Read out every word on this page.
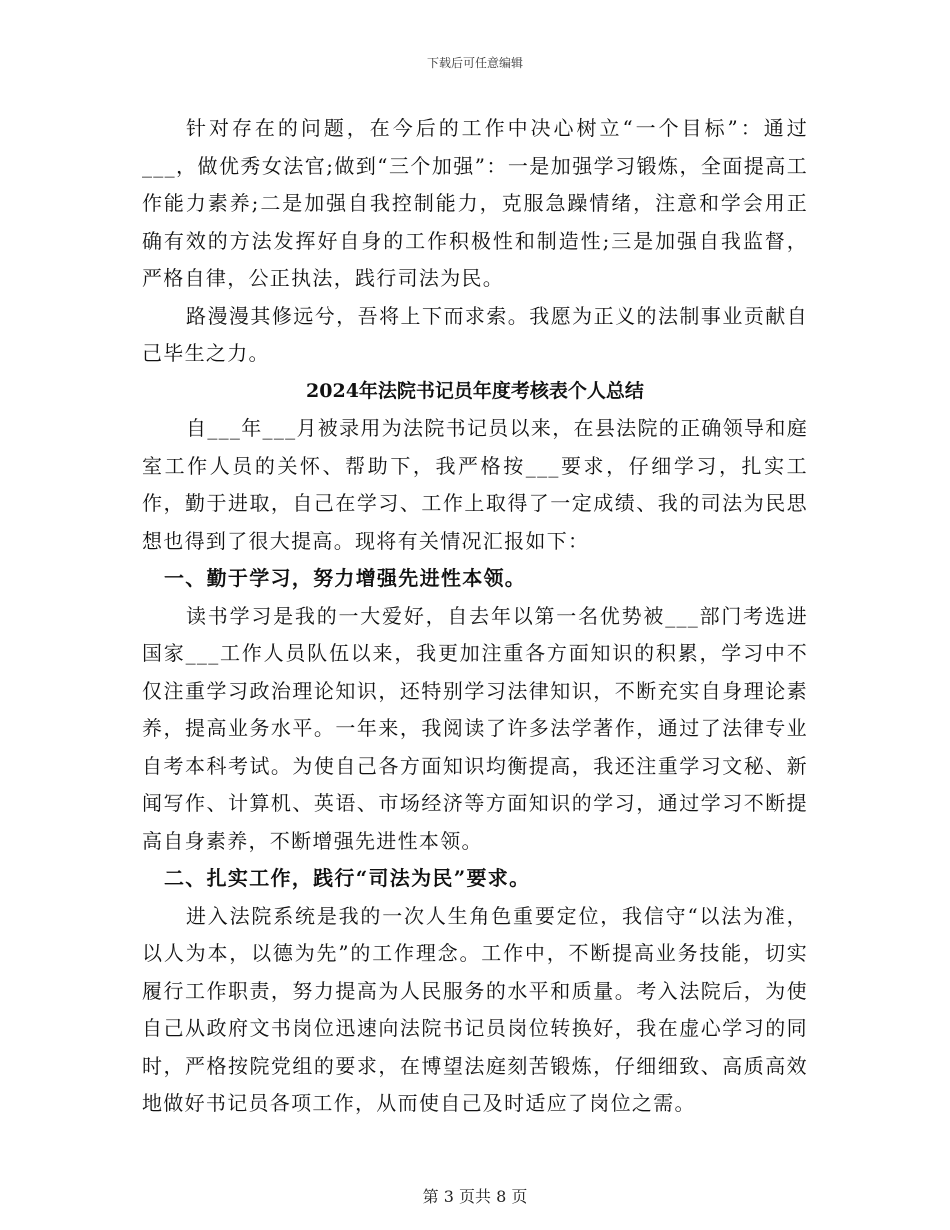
下载后可任意编辑

针对存在的问题，在今后的工作中决心树立“一个目标”：通过___，做优秀女法官;做到“三个加强”：一是加强学习锻炼，全面提高工作能力素养;二是加强自我控制能力，克服急躁情绪，注意和学会用正确有效的方法发挥好自身的工作积极性和制造性;三是加强自我监督，严格自律，公正执法，践行司法为民。

路漫漫其修远兮，吾将上下而求索。我愿为正义的法制事业贡献自己毕生之力。

2024年法院书记员年度考核表个人总结

自___年___月被录用为法院书记员以来，在县法院的正确领导和庭室工作人员的关怀、帮助下，我严格按___要求，仔细学习，扎实工作，勤于进取，自己在学习、工作上取得了一定成绩、我的司法为民思想也得到了很大提高。现将有关情况汇报如下：

一、勤于学习，努力增强先进性本领。

读书学习是我的一大爱好，自去年以第一名优势被___部门考选进国家___工作人员队伍以来，我更加注重各方面知识的积累，学习中不仅注重学习政治理论知识，还特别学习法律知识，不断充实自身理论素养，提高业务水平。一年来，我阅读了许多法学著作，通过了法律专业自考本科考试。为使自己各方面知识均衡提高，我还注重学习文秘、新闻写作、计算机、英语、市场经济等方面知识的学习，通过学习不断提高自身素养，不断增强先进性本领。

二、扎实工作，践行“司法为民”要求。

进入法院系统是我的一次人生角色重要定位，我信守“以法为准，以人为本，以德为先”的工作理念。工作中，不断提高业务技能，切实履行工作职责，努力提高为人民服务的水平和质量。考入法院后，为使自己从政府文书岗位迅速向法院书记员岗位转换好，我在虚心学习的同时，严格按院党组的要求，在博望法庭刻苦锻炼，仔细细致、高质高效地做好书记员各项工作，从而使自己及时适应了岗位之需。

第 3 页共 8 页
